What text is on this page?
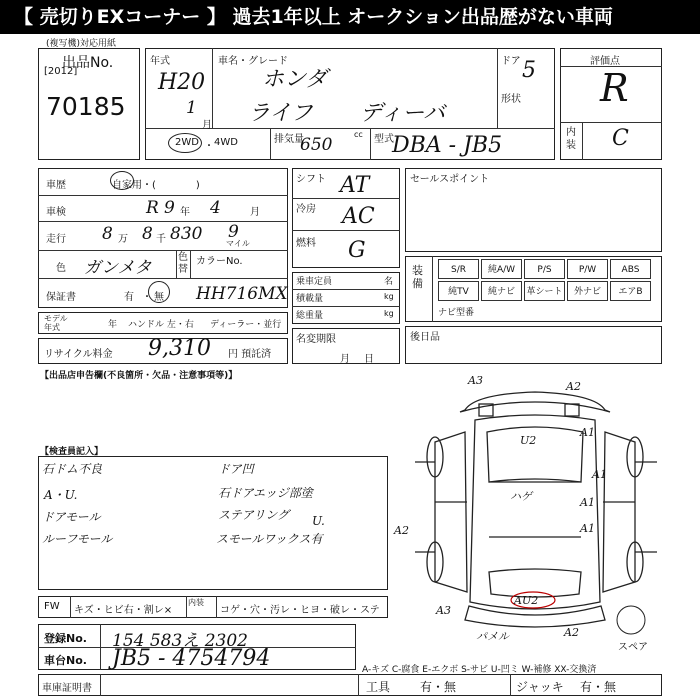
【 売切りEXコーナー 】 過去1年以上 オークション出品歴がない車両
(複写機)対応用紙
出品No.
[2012]
70185
年式
H20
1
月
車名・グレード
ホンダ
ライフ ディーバ
ドア 5
形状
2WD ・ 4WD	排気量
650
cc 型式
DBA - JB5
評価点
R
内装 C
車歴	自家用・(　　　　)
車検	R 9 年 4	月
走行 8 万 8 千 830 9
マイル
色 ガンメタ
色替
カラーNo.
保証書	有 ・ 無 HH716MX
モデル年式	年 ハンドル 左・右 ディーラー・並行
リサイクル料金 9,310 円 預託済
シフト AT
冷房 AC
燃料 G
乗車定員	名
積載量	kg
総重量	kg
名変期限
月日
セールスポイント
装備
S/R	純A/W	P/S	P/W	ABS
純TV	純ナビ	革シート	外ナビ	エアB
ナビ型番
後日品
【出品店申告欄(不良箇所・欠品・注意事項等)】
【検査員記入】
石ドム不良
A・U.
ドアモール
ルーフモール
ドア凹
石ドアエッジ部塗
ステアリング
スモールワックス有
U.
A3	A2
A1
U2
ハゲ	A1
A1
A2
A3
AU2
パメル	A2
A1
スペア
FW キズ・ヒビ右・割レ×
内装
コゲ・穴・汚レ・ヒヨ・破レ・ステ
登録No. 154 583え 2302
車台No. JB5 - 4754794	A-キズ C-腐食 E-エクボ S-サビ U-凹ミ W-補修 XX-交換済
車庫証明書	工具 有・無	ジャッキ 有・無
